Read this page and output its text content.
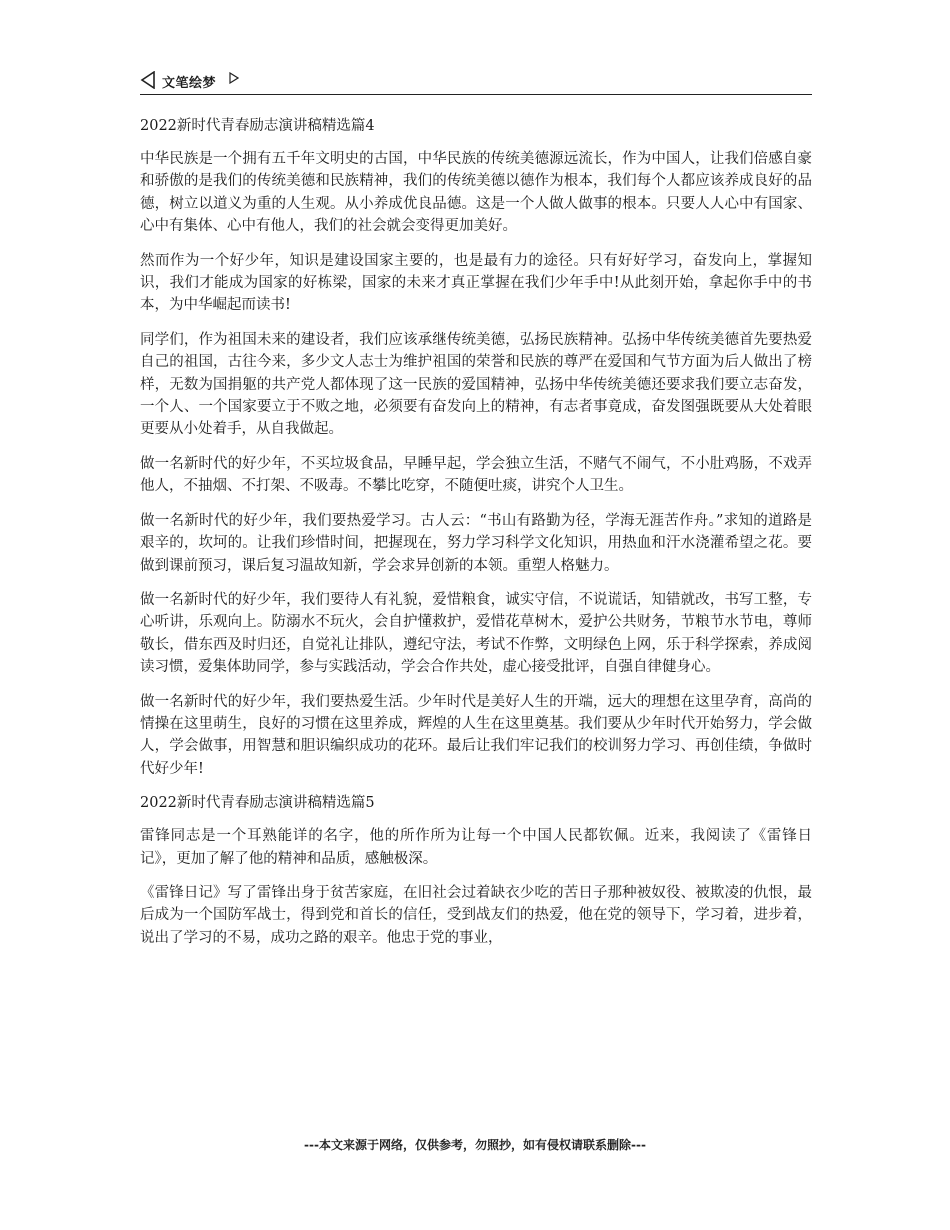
文笔绘梦

2022新时代青春励志演讲稿精选篇4

中华民族是一个拥有五千年文明史的古国，中华民族的传统美德源远流长，作为中国人，让我们倍感自豪和骄傲的是我们的传统美德和民族精神，我们的传统美德以德作为根本，我们每个人都应该养成良好的品德，树立以道义为重的人生观。从小养成优良品德。这是一个人做人做事的根本。只要人人心中有国家、心中有集体、心中有他人，我们的社会就会变得更加美好。

然而作为一个好少年，知识是建设国家主要的，也是最有力的途径。只有好好学习，奋发向上，掌握知识，我们才能成为国家的好栋梁，国家的未来才真正掌握在我们少年手中!从此刻开始，拿起你手中的书本，为中华崛起而读书!

同学们，作为祖国未来的建设者，我们应该承继传统美德，弘扬民族精神。弘扬中华传统美德首先要热爱自己的祖国，古往今来，多少文人志士为维护祖国的荣誉和民族的尊严在爱国和气节方面为后人做出了榜样，无数为国捐躯的共产党人都体现了这一民族的爱国精神，弘扬中华传统美德还要求我们要立志奋发，一个人、一个国家要立于不败之地，必须要有奋发向上的精神，有志者事竟成，奋发图强既要从大处着眼更要从小处着手，从自我做起。

做一名新时代的好少年，不买垃圾食品，早睡早起，学会独立生活，不赌气不闹气，不小肚鸡肠，不戏弄他人，不抽烟、不打架、不吸毒。不攀比吃穿，不随便吐痰，讲究个人卫生。

做一名新时代的好少年，我们要热爱学习。古人云：“书山有路勤为径，学海无涯苦作舟。”求知的道路是艰辛的，坎坷的。让我们珍惜时间，把握现在，努力学习科学文化知识，用热血和汗水浇灌希望之花。要做到课前预习，课后复习温故知新，学会求异创新的本领。重塑人格魅力。

做一名新时代的好少年，我们要待人有礼貌，爱惜粮食，诚实守信，不说谎话，知错就改，书写工整，专心听讲，乐观向上。防溺水不玩火，会自护懂救护，爱惜花草树木，爱护公共财务，节粮节水节电，尊师敬长，借东西及时归还，自觉礼让排队，遵纪守法，考试不作弊，文明绿色上网，乐于科学探索，养成阅读习惯，爱集体助同学，参与实践活动，学会合作共处，虚心接受批评，自强自律健身心。

做一名新时代的好少年，我们要热爱生活。少年时代是美好人生的开端，远大的理想在这里孕育，高尚的情操在这里萌生，良好的习惯在这里养成，辉煌的人生在这里奠基。我们要从少年时代开始努力，学会做人，学会做事，用智慧和胆识编织成功的花环。最后让我们牢记我们的校训努力学习、再创佳绩，争做时代好少年!

2022新时代青春励志演讲稿精选篇5

雷锋同志是一个耳熟能详的名字，他的所作所为让每一个中国人民都钦佩。近来，我阅读了《雷锋日记》，更加了解了他的精神和品质，感触极深。

《雷锋日记》写了雷锋出身于贫苦家庭，在旧社会过着缺衣少吃的苦日子那种被奴役、被欺凌的仇恨，最后成为一个国防军战士，得到党和首长的信任，受到战友们的热爱，他在党的领导下，学习着，进步着，说出了学习的不易，成功之路的艰辛。他忠于党的事业，

---本文来源于网络，仅供参考，勿照抄，如有侵权请联系删除---
